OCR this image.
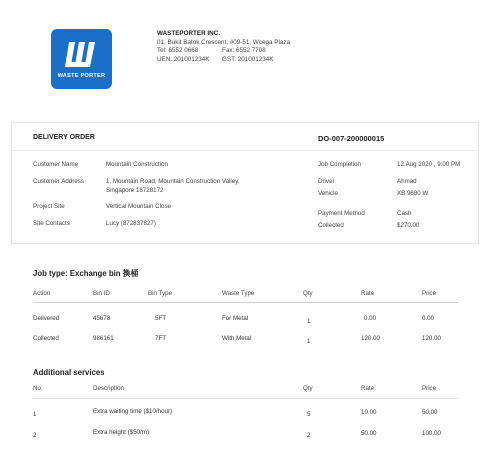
WASTE PORTER
WASTEPORTER INC.
01, Bukit Batok Crescent, #09-51, Wcega Plaza
Tel: 6552 0668	Fax: 6552 7708
UEN: 201001234K GST: 201001234K
DELIVERY ORDER	DO-007-200000015
Customer Name	Mountain Construction
Customer Address	1, Mountain Road, Mountain Construction Valley,
Singapore 18728172
Project Site	Vertical Mountain Close
Site Contacts	Lucy (872837827)
Job Completion	12.Aug 2020 , 9:00 PM
Driver	Ahmad
Vehicle	XB 9680 W
Payment Method	Cash
Collected	$270.00
Job type: Exchange bin 換桶
Action	Bin ID	Bin Type	Waste Type	Qty	Rate	Price
Delivered	45678	5FT	For Metal	1	0.00	0.00
Collected	986161	7FT	With Metal	1	120.00	120.00
Additional services
No.	Description	Qty	Rate	Price
1	Extra waiting time ($10/hour)	5	10.00	50.00
2	Extra height ($50/m)	2	50.00	100.00
